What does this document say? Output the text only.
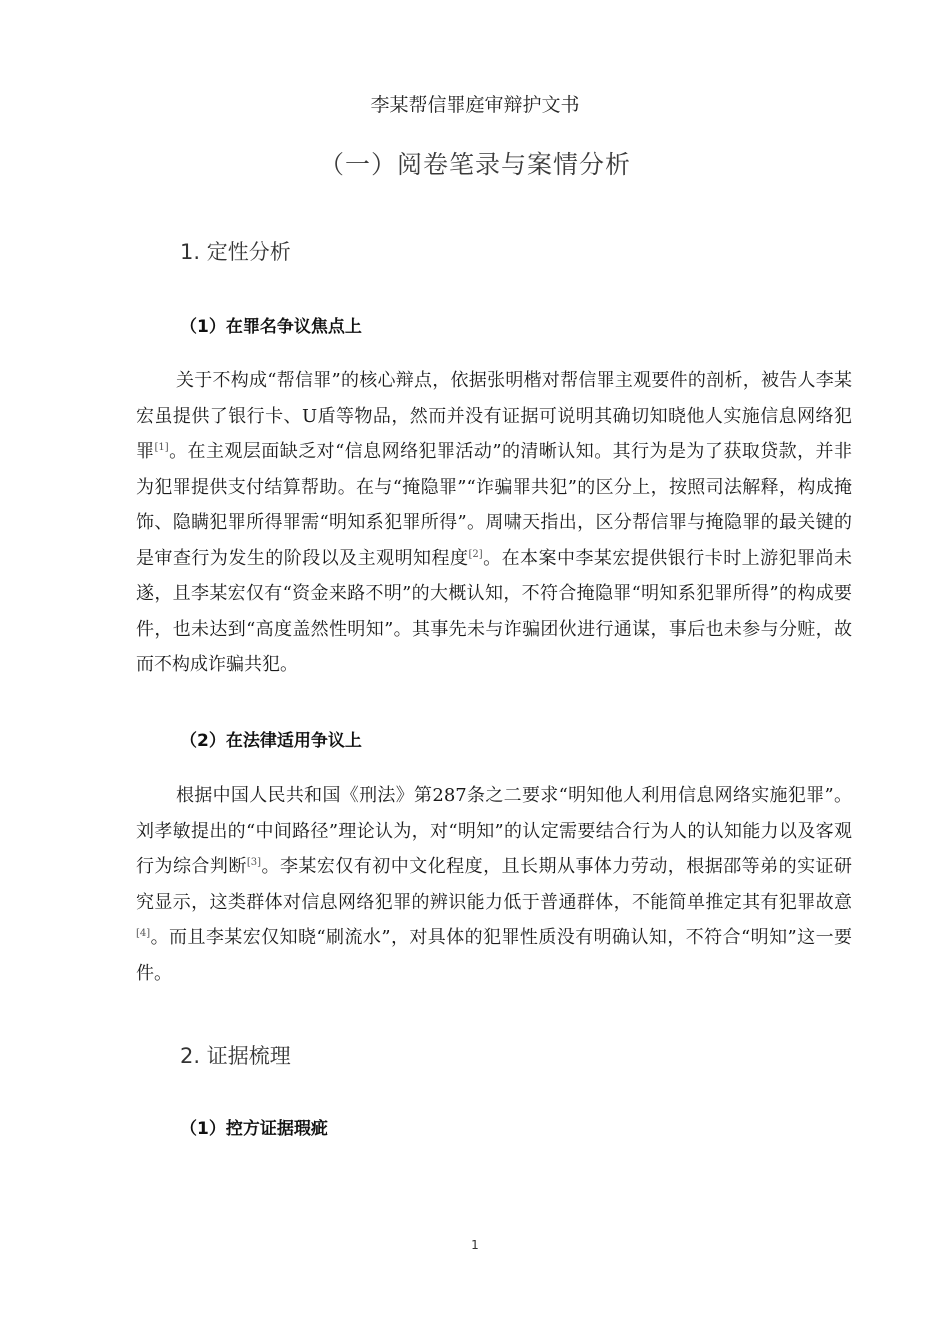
李某帮信罪庭审辩护文书
（一）阅卷笔录与案情分析
1. 定性分析
（1）在罪名争议焦点上
关于不构成“帮信罪”的核心辩点，依据张明楷对帮信罪主观要件的剖析，被告人李某宏虽提供了银行卡、U盾等物品，然而并没有证据可说明其确切知晓他人实施信息网络犯罪[1]。在主观层面缺乏对“信息网络犯罪活动”的清晰认知。其行为是为了获取贷款，并非为犯罪提供支付结算帮助。在与“掩隐罪”“诈骗罪共犯”的区分上，按照司法解释，构成掩饰、隐瞒犯罪所得罪需“明知系犯罪所得”。周啸天指出，区分帮信罪与掩隐罪的最关键的是审查行为发生的阶段以及主观明知程度[2]。在本案中李某宏提供银行卡时上游犯罪尚未遂，且李某宏仅有“资金来路不明”的大概认知，不符合掩隐罪“明知系犯罪所得”的构成要件，也未达到“高度盖然性明知”。其事先未与诈骗团伙进行通谋，事后也未参与分赃，故而不构成诈骗共犯。
（2）在法律适用争议上
根据中国人民共和国《刑法》第287条之二要求“明知他人利用信息网络实施犯罪”。刘孝敏提出的“中间路径”理论认为，对“明知”的认定需要结合行为人的认知能力以及客观行为综合判断[3]。李某宏仅有初中文化程度，且长期从事体力劳动，根据邵等弟的实证研究显示，这类群体对信息网络犯罪的辨识能力低于普通群体，不能简单推定其有犯罪故意[4]。而且李某宏仅知晓“刷流水”，对具体的犯罪性质没有明确认知，不符合“明知”这一要件。
2. 证据梳理
（1）控方证据瑕疵
1
